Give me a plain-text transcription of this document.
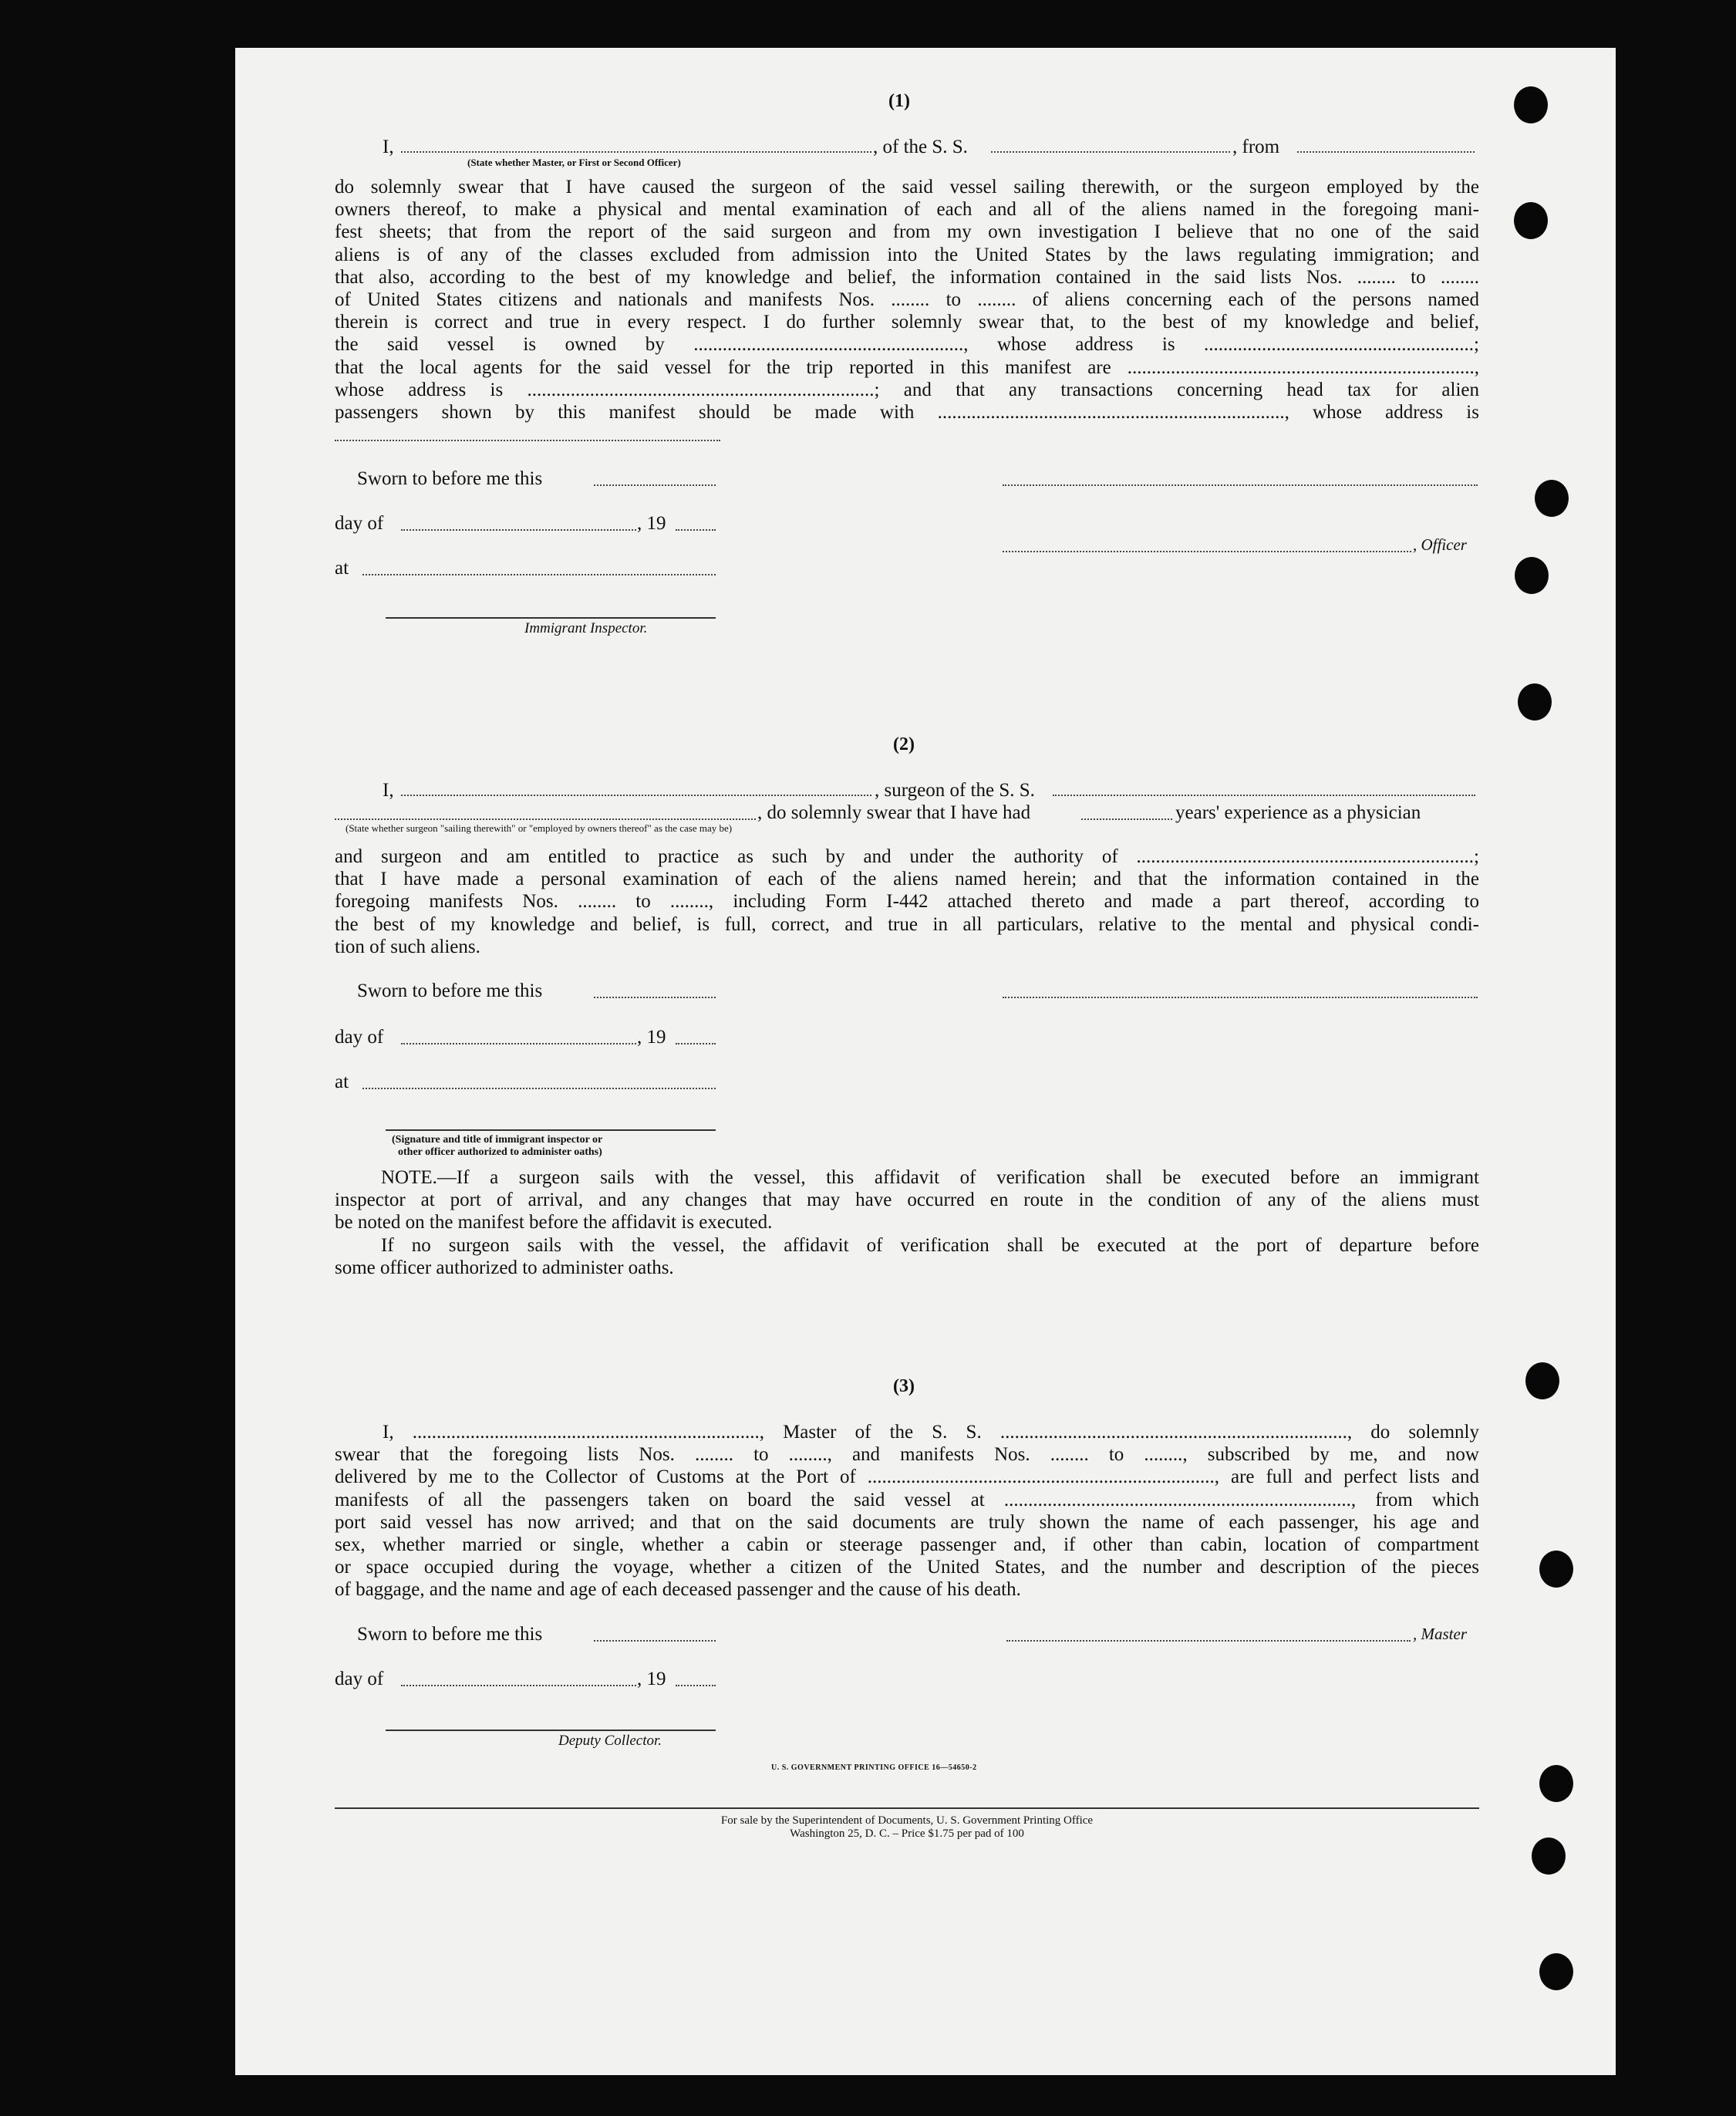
(1)
I,	, of the S. S.	, from
(State whether Master, or First or Second Officer)
do solemnly swear that I have caused the surgeon of the said vessel sailing therewith, or the surgeon employed by the
owners thereof, to make a physical and mental examination of each and all of the aliens named in the foregoing mani-
fest sheets; that from the report of the said surgeon and from my own investigation I believe that no one of the said
aliens is of any of the classes excluded from admission into the United States by the laws regulating immigration; and
that also, according to the best of my knowledge and belief, the information contained in the said lists Nos. ........ to ........
of United States citizens and nationals and manifests Nos. ........ to ........ of aliens concerning each of the persons named
therein is correct and true in every respect. I do further solemnly swear that, to the best of my knowledge and belief,
the said vessel is owned by ........................................................, whose address is ........................................................;
that the local agents for the said vessel for the trip reported in this manifest are ........................................................................,
whose address is ........................................................................; and that any transactions concerning head tax for alien
passengers shown by this manifest should be made with ........................................................................, whose address is
Sworn to before me this
day of	, 19
, Officer
at
Immigrant Inspector.
(2)
I,	, surgeon of the S. S.
, do solemnly swear that I have had	years' experience as a physician
(State whether surgeon "sailing therewith" or "employed by owners thereof" as the case may be)
and surgeon and am entitled to practice as such by and under the authority of ......................................................................;
that I have made a personal examination of each of the aliens named herein; and that the information contained in the
foregoing manifests Nos. ........ to ........, including Form I-442 attached thereto and made a part thereof, according to
the best of my knowledge and belief, is full, correct, and true in all particulars, relative to the mental and physical condi-
tion of such aliens.
Sworn to before me this
day of	, 19
at
(Signature and title of immigrant inspector or
other officer authorized to administer oaths)
NOTE.—If a surgeon sails with the vessel, this affidavit of verification shall be executed before an immigrant
inspector at port of arrival, and any changes that may have occurred en route in the condition of any of the aliens must
be noted on the manifest before the affidavit is executed.
If no surgeon sails with the vessel, the affidavit of verification shall be executed at the port of departure before
some officer authorized to administer oaths.
(3)
I, ........................................................................, Master of the S. S. ........................................................................, do solemnly
swear that the foregoing lists Nos. ........ to ........, and manifests Nos. ........ to ........, subscribed by me, and now
delivered by me to the Collector of Customs at the Port of ........................................................................, are full and perfect lists and
manifests of all the passengers taken on board the said vessel at ........................................................................, from which
port said vessel has now arrived; and that on the said documents are truly shown the name of each passenger, his age and
sex, whether married or single, whether a cabin or steerage passenger and, if other than cabin, location of compartment
or space occupied during the voyage, whether a citizen of the United States, and the number and description of the pieces
of baggage, and the name and age of each deceased passenger and the cause of his death.
Sworn to before me this	, Master
day of	, 19
Deputy Collector.
U. S. GOVERNMENT PRINTING OFFICE 16—54650-2
For sale by the Superintendent of Documents, U. S. Government Printing Office
Washington 25, D. C. – Price $1.75 per pad of 100
